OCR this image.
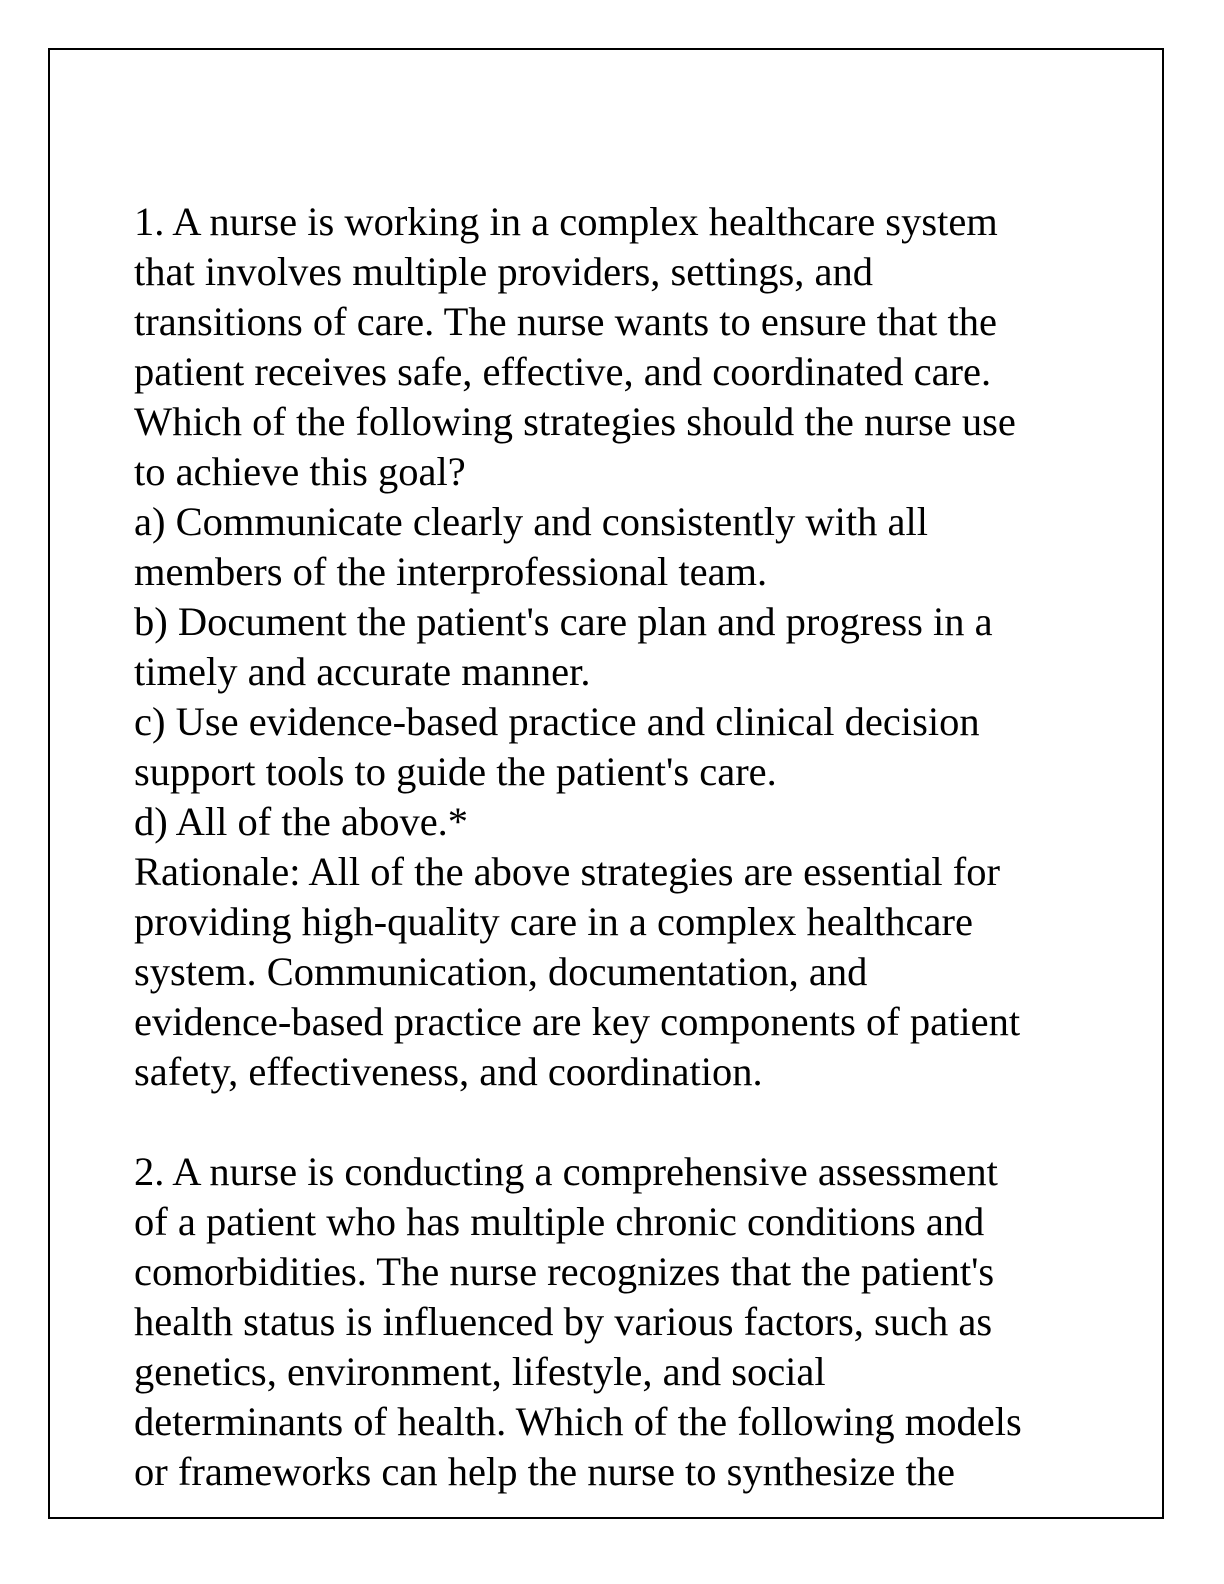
1. A nurse is working in a complex healthcare system
that involves multiple providers, settings, and
transitions of care. The nurse wants to ensure that the
patient receives safe, effective, and coordinated care.
Which of the following strategies should the nurse use
to achieve this goal?
a) Communicate clearly and consistently with all
members of the interprofessional team.
b) Document the patient's care plan and progress in a
timely and accurate manner.
c) Use evidence-based practice and clinical decision
support tools to guide the patient's care.
d) All of the above.*
Rationale: All of the above strategies are essential for
providing high-quality care in a complex healthcare
system. Communication, documentation, and
evidence-based practice are key components of patient
safety, effectiveness, and coordination.
2. A nurse is conducting a comprehensive assessment
of a patient who has multiple chronic conditions and
comorbidities. The nurse recognizes that the patient's
health status is influenced by various factors, such as
genetics, environment, lifestyle, and social
determinants of health. Which of the following models
or frameworks can help the nurse to synthesize the
